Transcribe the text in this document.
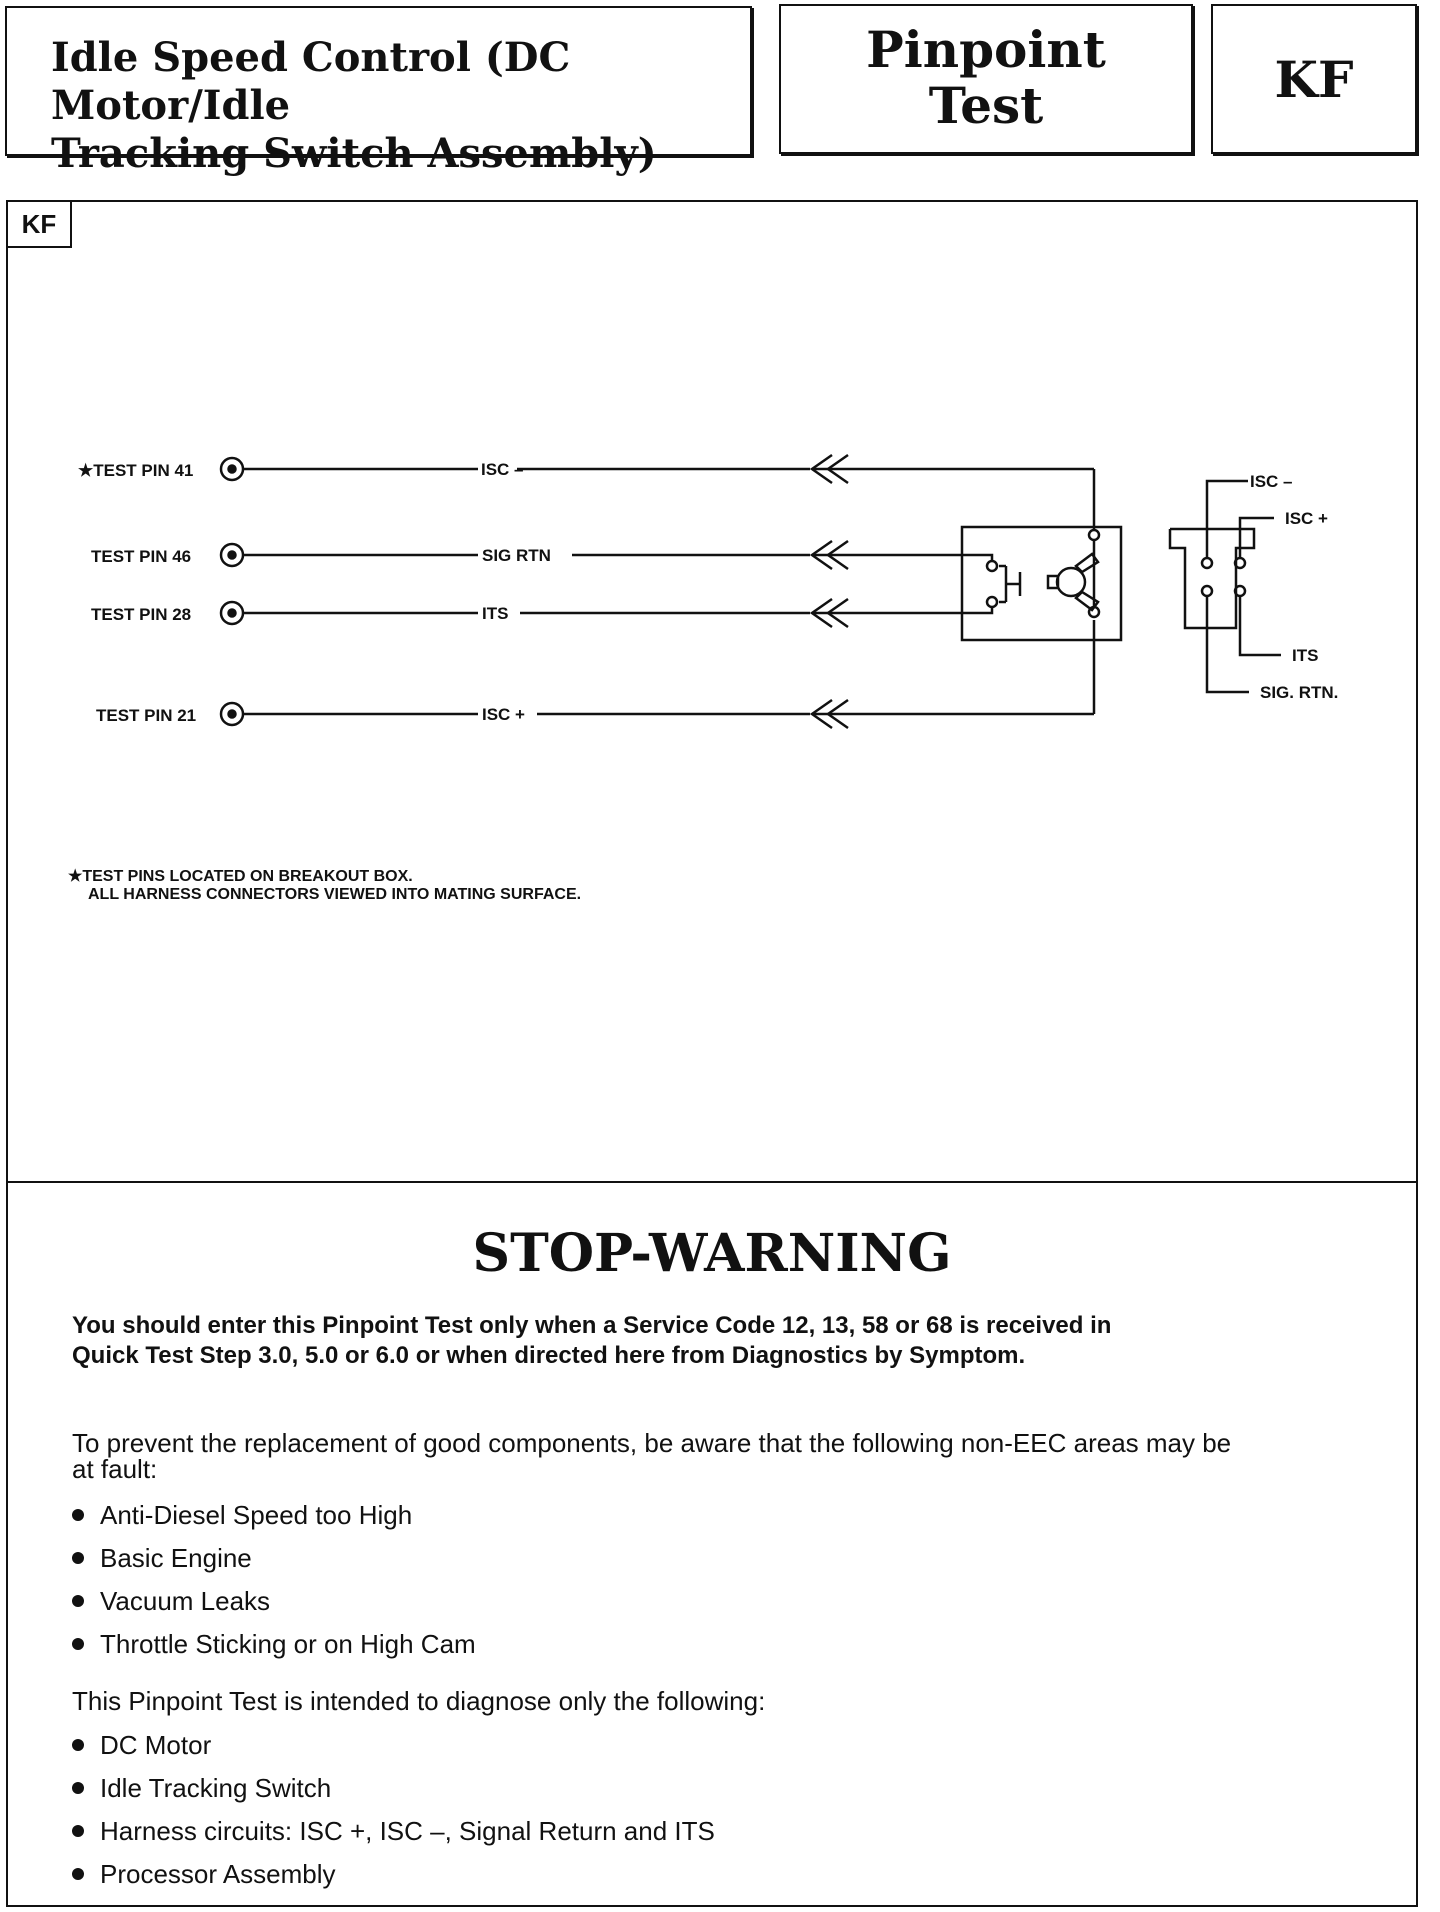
Idle Speed Control (DC Motor/Idle
Tracking Switch Assembly)
Pinpoint
Test	KF
KF
★TEST PIN 41
TEST PIN 46
TEST PIN 28
TEST PIN 21
ISC –
SIG RTN
ITS
ISC +
ISC –
ISC +
ITS
SIG. RTN.
★TEST PINS LOCATED ON BREAKOUT BOX.
ALL HARNESS CONNECTORS VIEWED INTO MATING SURFACE.
STOP-WARNING
You should enter this Pinpoint Test only when a Service Code 12, 13, 58 or 68 is received in
Quick Test Step 3.0, 5.0 or 6.0 or when directed here from Diagnostics by Symptom.
To prevent the replacement of good components, be aware that the following non-EEC areas may be
at fault:
Anti-Diesel Speed too High
Basic Engine
Vacuum Leaks
Throttle Sticking or on High Cam
This Pinpoint Test is intended to diagnose only the following:
DC Motor
Idle Tracking Switch
Harness circuits: ISC +, ISC –, Signal Return and ITS
Processor Assembly
